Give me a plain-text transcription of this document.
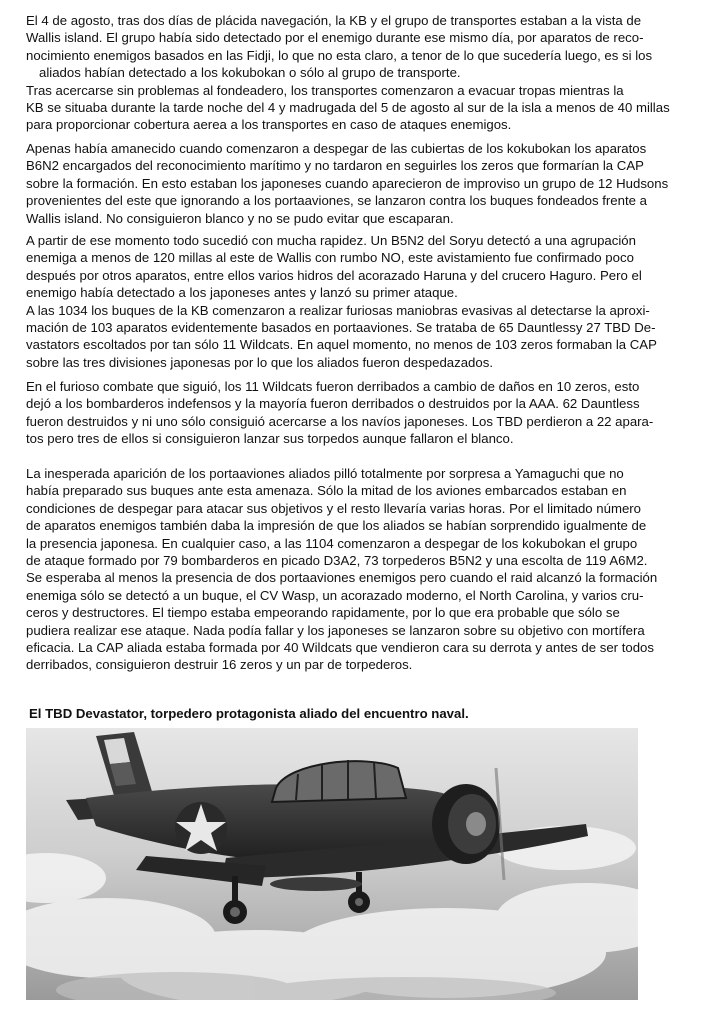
El 4 de agosto, tras dos días de plácida navegación, la KB y el grupo de transportes estaban a la vista de
Wallis island. El grupo había sido detectado por el enemigo durante ese mismo día, por aparatos de reco-
nocimiento enemigos basados en las Fidji, lo que no esta claro, a tenor de lo que sucedería luego, es si los
aliados habían detectado a los kokubokan o sólo al grupo de transporte.
Tras acercarse sin problemas al fondeadero, los transportes comenzaron a evacuar tropas mientras la
KB se situaba durante la tarde noche del 4 y madrugada del 5 de agosto al sur de la isla a menos de 40 millas
para proporcionar cobertura aerea a los transportes en caso de ataques enemigos.
Apenas había amanecido cuando comenzaron a despegar de las cubiertas de los kokubokan los aparatos
B6N2 encargados del reconocimiento marítimo y no tardaron en seguirles los zeros que formarían la CAP
sobre la formación. En esto estaban los japoneses cuando aparecieron de improviso un grupo de 12 Hudsons
provenientes del este que ignorando a los portaaviones, se lanzaron contra los buques fondeados frente a
Wallis island. No consiguieron blanco y no se pudo evitar que escaparan.
A partir de ese momento todo sucedió con mucha rapidez. Un B5N2 del Soryu detectó a una agrupación
enemiga a menos de 120 millas al este de Wallis con rumbo NO, este avistamiento fue confirmado poco
después por otros aparatos, entre ellos varios hidros del acorazado Haruna y del crucero Haguro. Pero el
enemigo había detectado a los japoneses antes y lanzó su primer ataque.
A las 1034 los buques de la KB comenzaron a realizar furiosas maniobras evasivas al detectarse la aproxi-
mación de 103 aparatos evidentemente basados en portaaviones. Se trataba de 65 Dauntlessy 27 TBD De-
vastators escoltados por tan sólo 11 Wildcats. En aquel momento, no menos de 103 zeros formaban la CAP
sobre las tres divisiones japonesas por lo que los aliados fueron despedazados.
En el furioso combate que siguió, los 11 Wildcats fueron derribados a cambio de daños en 10 zeros, esto
dejó a los bombarderos indefensos y la mayoría fueron derribados o destruidos por la AAA. 62 Dauntless
fueron destruidos y ni uno sólo consiguió acercarse a los navíos japoneses. Los TBD perdieron a 22 apara-
tos pero tres de ellos si consiguieron lanzar sus torpedos aunque fallaron el blanco.
La inesperada aparición de los portaaviones aliados pilló totalmente por sorpresa a Yamaguchi que no
había preparado sus buques ante esta amenaza. Sólo la mitad de los aviones embarcados estaban en
condiciones de despegar para atacar sus objetivos y el resto llevaría varias horas. Por el limitado número
de aparatos enemigos también daba la impresión de que los aliados se habían sorprendido igualmente de
la presencia japonesa. En cualquier caso, a las 1104 comenzaron a despegar de los kokubokan el grupo
de ataque formado por 79 bombarderos en picado D3A2, 73 torpederos B5N2 y una escolta de 119 A6M2.
Se esperaba al menos la presencia de dos portaaviones enemigos pero cuando el raid alcanzó la formación
enemiga sólo se detectó a un buque, el CV Wasp, un acorazado moderno, el North Carolina, y varios cru-
ceros y destructores. El tiempo estaba empeorando rapidamente, por lo que era probable que sólo se
pudiera realizar ese ataque. Nada podía fallar y los japoneses se lanzaron sobre su objetivo con mortífera
eficacia. La CAP aliada estaba formada por 40 Wildcats que vendieron cara su derrota y antes de ser todos
derribados, consiguieron destruir 16 zeros y un par de torpederos.
El TBD Devastator, torpedero protagonista aliado del encuentro naval.
